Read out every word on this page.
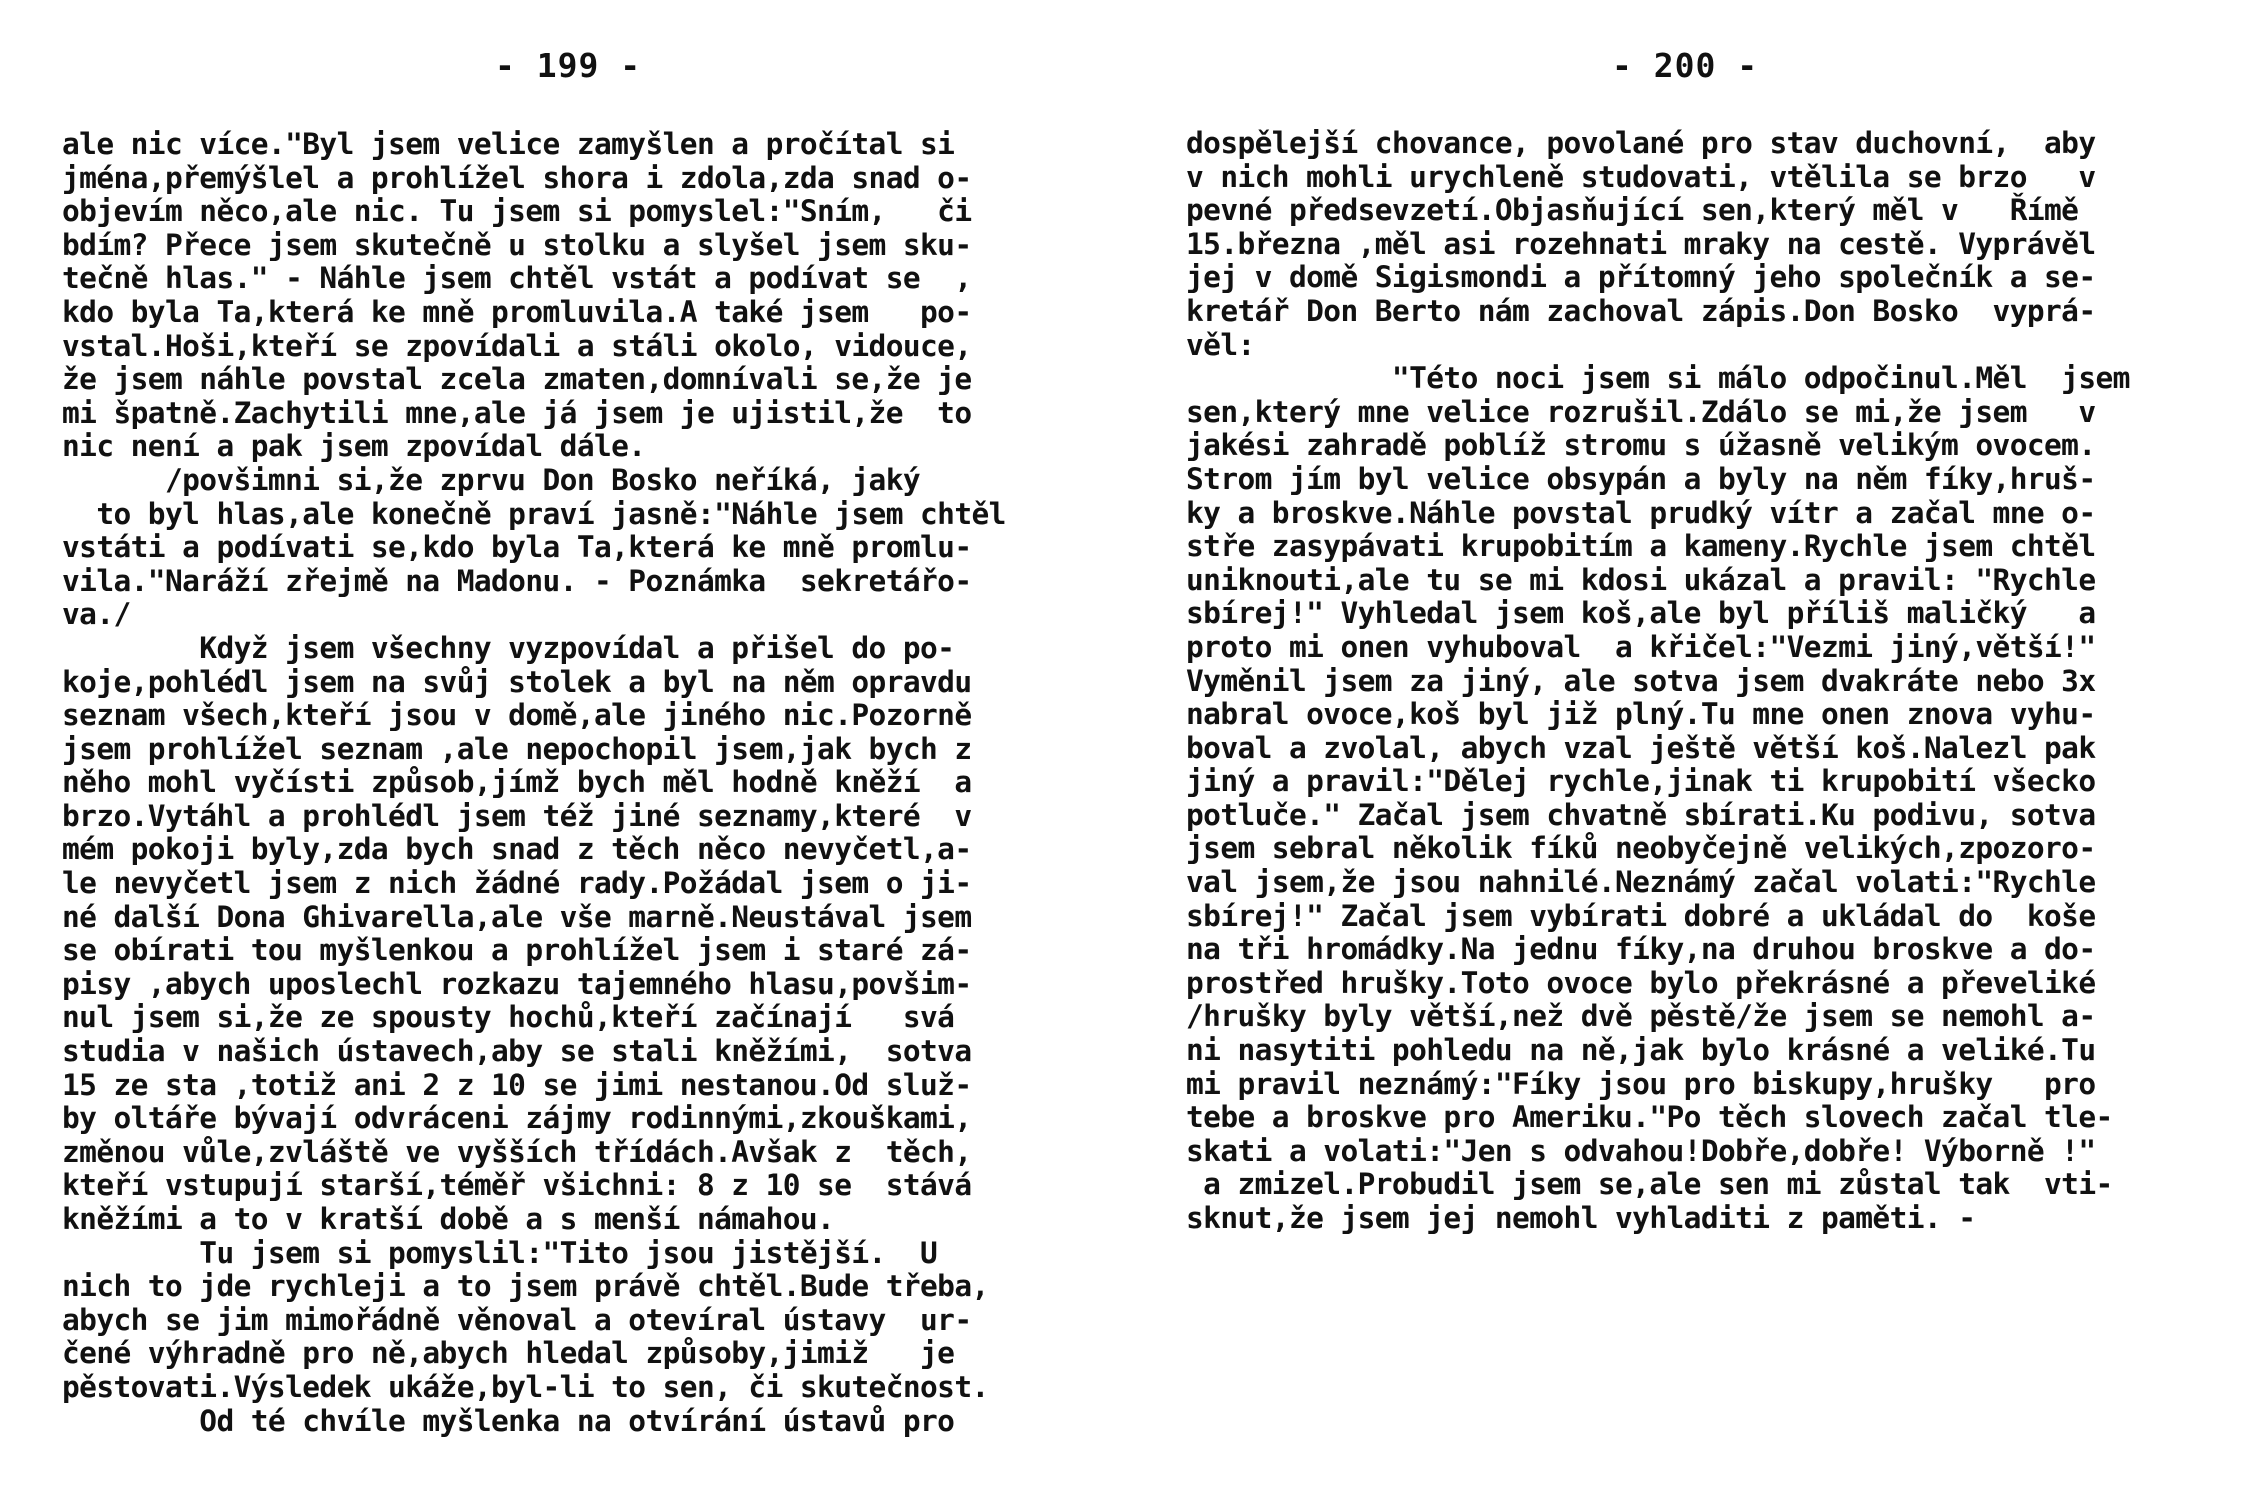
- 199 -
ale nic více."Byl jsem velice zamyšlen a pročítal si
jména,přemýšlel a prohlížel shora i zdola,zda snad o-
objevím něco,ale nic. Tu jsem si pomyslel:"Sním,   či
bdím? Přece jsem skutečně u stolku a slyšel jsem sku-
tečně hlas." - Náhle jsem chtěl vstát a podívat se  ,
kdo byla Ta,která ke mně promluvila.A také jsem   po-
vstal.Hoši,kteří se zpovídali a stáli okolo, vidouce,
že jsem náhle povstal zcela zmaten,domnívali se,že je
mi špatně.Zachytili mne,ale já jsem je ujistil,že  to
nic není a pak jsem zpovídal dále.
/povšimni si,že zprvu Don Bosko neříká, jaký
to byl hlas,ale konečně praví jasně:"Náhle jsem chtěl
vstáti a podívati se,kdo byla Ta,která ke mně promlu-
vila."Naráží zřejmě na Madonu. - Poznámka  sekretářo-
va./
Když jsem všechny vyzpovídal a přišel do po-
koje,pohlédl jsem na svůj stolek a byl na něm opravdu
seznam všech,kteří jsou v domě,ale jiného nic.Pozorně
jsem prohlížel seznam ,ale nepochopil jsem,jak bych z
něho mohl vyčísti způsob,jímž bych měl hodně kněží  a
brzo.Vytáhl a prohlédl jsem též jiné seznamy,které  v
mém pokoji byly,zda bych snad z těch něco nevyčetl,a-
le nevyčetl jsem z nich žádné rady.Požádal jsem o ji-
né další Dona Ghivarella,ale vše marně.Neustával jsem
se obírati tou myšlenkou a prohlížel jsem i staré zá-
pisy ,abych uposlechl rozkazu tajemného hlasu,povšim-
nul jsem si,že ze spousty hochů,kteří začínají   svá
studia v našich ústavech,aby se stali kněžími,  sotva
15 ze sta ,totiž ani 2 z 10 se jimi nestanou.Od služ-
by oltáře bývají odvráceni zájmy rodinnými,zkouškami,
změnou vůle,zvláště ve vyšších třídách.Avšak z  těch,
kteří vstupují starší,téměř všichni: 8 z 10 se  stává
kněžími a to v kratší době a s menší námahou.
Tu jsem si pomyslil:"Tito jsou jistější.  U
nich to jde rychleji a to jsem právě chtěl.Bude třeba,
abych se jim mimořádně věnoval a otevíral ústavy  ur-
čené výhradně pro ně,abych hledal způsoby,jimiž   je
pěstovati.Výsledek ukáže,byl-li to sen, či skutečnost.
Od té chvíle myšlenka na otvírání ústavů pro
- 200 -
dospělejší chovance, povolané pro stav duchovní,  aby
v nich mohli urychleně studovati, vtělila se brzo   v
pevné předsevzetí.Objasňující sen,který měl v   Římě
15.března ,měl asi rozehnati mraky na cestě. Vyprávěl
jej v domě Sigismondi a přítomný jeho společník a se-
kretář Don Berto nám zachoval zápis.Don Bosko  vyprá-
věl:
"Této noci jsem si málo odpočinul.Měl  jsem
sen,který mne velice rozrušil.Zdálo se mi,že jsem   v
jakési zahradě poblíž stromu s úžasně velikým ovocem.
Strom jím byl velice obsypán a byly na něm fíky,hruš-
ky a broskve.Náhle povstal prudký vítr a začal mne o-
stře zasypávati krupobitím a kameny.Rychle jsem chtěl
uniknouti,ale tu se mi kdosi ukázal a pravil: "Rychle
sbírej!" Vyhledal jsem koš,ale byl příliš maličký   a
proto mi onen vyhuboval  a křičel:"Vezmi jiný,větší!"
Vyměnil jsem za jiný, ale sotva jsem dvakráte nebo 3x
nabral ovoce,koš byl již plný.Tu mne onen znova vyhu-
boval a zvolal, abych vzal ještě větší koš.Nalezl pak
jiný a pravil:"Dělej rychle,jinak ti krupobití všecko
potluče." Začal jsem chvatně sbírati.Ku podivu, sotva
jsem sebral několik fíků neobyčejně velikých,zpozoro-
val jsem,že jsou nahnilé.Neznámý začal volati:"Rychle
sbírej!" Začal jsem vybírati dobré a ukládal do  koše
na tři hromádky.Na jednu fíky,na druhou broskve a do-
prostřed hrušky.Toto ovoce bylo překrásné a převeliké
/hrušky byly větší,než dvě pěstě/že jsem se nemohl a-
ni nasytiti pohledu na ně,jak bylo krásné a veliké.Tu
mi pravil neznámý:"Fíky jsou pro biskupy,hrušky   pro
tebe a broskve pro Ameriku."Po těch slovech začal tle-
skati a volati:"Jen s odvahou!Dobře,dobře! Výborně !"
a zmizel.Probudil jsem se,ale sen mi zůstal tak  vti-
sknut,že jsem jej nemohl vyhladiti z paměti. -
